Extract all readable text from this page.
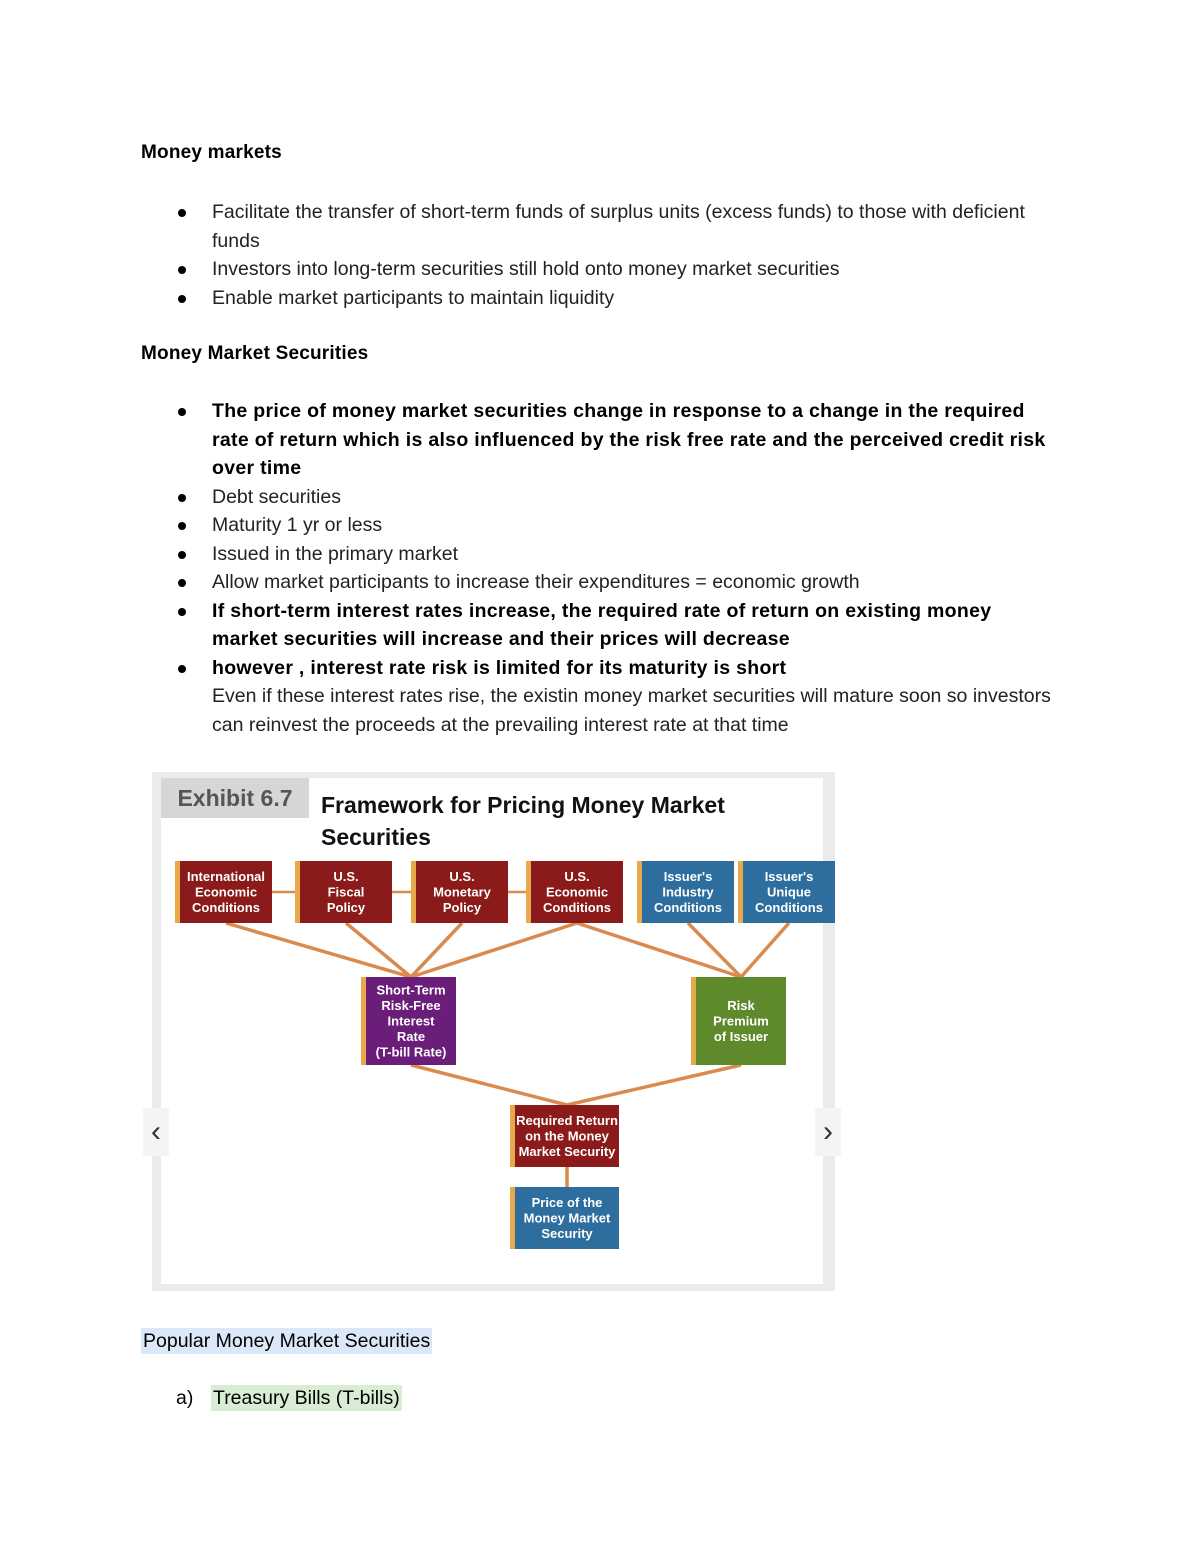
Money markets
Facilitate the transfer of short-term funds of surplus units (excess funds) to those with deficient funds
Investors into long-term securities still hold onto money market securities
Enable market participants to maintain liquidity
Money Market Securities
The price of money market securities change in response to a change in the required rate of return which is also influenced by the risk free rate and the perceived credit risk over time
Debt securities
Maturity 1 yr or less
Issued in the primary market
Allow market participants to increase their expenditures = economic growth
If short-term interest rates increase, the required rate of return on existing money market securities will increase and their prices will decrease
however , interest rate risk is limited for its maturity is short
Even if these interest rates rise, the existin money market securities will mature soon so investors can reinvest the proceeds at the prevailing interest rate at that time
Popular Money Market Securities
a) Treasury Bills (T-bills)
Exhibit 6.7	Framework for Pricing Money Market Securities
International
Economic
Conditions
U.S.
Fiscal
Policy
U.S.
Monetary
Policy
U.S.
Economic
Conditions
Issuer's
Industry
Conditions
Issuer's
Unique
Conditions
Short-Term
Risk-Free
Interest
Rate
(T-bill Rate)
Risk
Premium
of Issuer
Required Return
on the Money
Market Security
Price of the
Money Market
Security
‹	›
